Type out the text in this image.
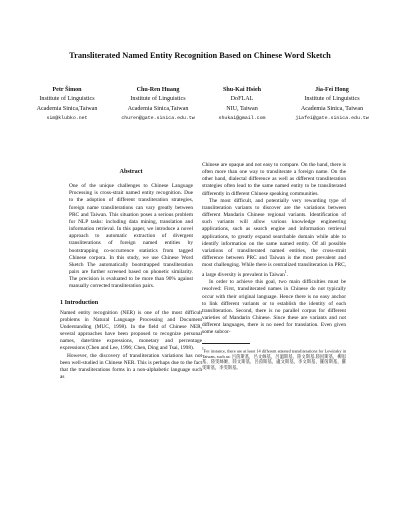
Transliterated Named Entity Recognition Based on Chinese Word Sketch
Petr Šimon
Institute of Linguistics
Academia Sinica,Taiwan
sim@klubko.net
Chu-Ren Huang
Institute of Linguistics
Academia Sinica,Taiwan
churen@gate.sinica.edu.tw
Shu-Kai Hsieh
DoFLAL
NIU, Taiwan
shukai@gmail.com
Jia-Fei Hong
Institute of Linguistics
Academia Sinica, Taiwan
jiafei@gate.sinica.edu.tw
Abstract

One of the unique challenges to Chinese Language Processing is cross-strait named entity recognition. Due to the adoption of different transliteration strategies, foreign name transliterations can vary greatly between PRC and Taiwan. This situation poses a serious problem for NLP tasks: including data mining, translation and information retrieval. In this paper, we introduce a novel approach to automatic extraction of divergent transliterations of foreign named entities by bootstrapping co-occurrence statistics from tagged Chinese corpora. In this study, we use Chinese Word Sketch The automatically bootstrapped transliteration pairs are further screened based on phonetic similarity. The precision is evaluated to be more than 90% against manually corrected transliteration pairs.

1 Introduction

Named entity recognition (NER) is one of the most difficult problems in Natural Language Processing and Document Understanding (MUC, 1998). In the field of Chinese NER, several approaches have been proposed to recognize personal names, date/time expressions, monetary and percentage expressions (Chen and Lee, 1996; Chen, Ding and Tsai, 1998).

However, the discovery of transliteration variations has not been well-studied in Chinese NER. This is perhaps due to the fact that the transliterations forms in a non-alphabetic language such as

Chinese are opaque and not easy to compare. On the hand, there is often more than one way to transliterate a foreign name. On the other hand, dialectal difference as well as different transliteration strategies often lead to the same named entity to be transliterated differently in different Chinese speaking communities.

The most difficult, and potentially very rewarding type of transliteration variants to discover are the variations between different Mandarin Chinese regional variants. Identification of such variants will allow various knowledge engineering applications, such as search engine and information retrieval applications, to greatly expand searchable domain while able to identify information on the same named entity. Of all possible variations of transliterated named entities, the cross-strait difference between PRC and Taiwan is the most prevalent and most challenging. While there is centralized transliteration in PRC, a large diversity is prevalent in Taiwan$^1$.

In order to achieve this goal, two main difficulties must be resolved: First, transliterated names in Chinese do not typically occur with their original language. Hence there is no easy anchor to link different variants or to establish the identity of each transliteration. Second, there is no parallel corpus for different varieties of Mandarin Chinese. Since these are variants and not different languages, there is no need for translation. Even given some subcor-

$^1$For instance, there are at least 14 different attested transliterations for Lewinsky in Taiwan, such as: 呂茵斯基，呂文絲基，呂溫斯基，陸文斯基,陸因斯基，柳思基，陸雯絲姬，陸文斯基，呂茵斯基，盧文斯基，李文斯基，羅茵斯基，羅雯斯基，李雯斯基。
